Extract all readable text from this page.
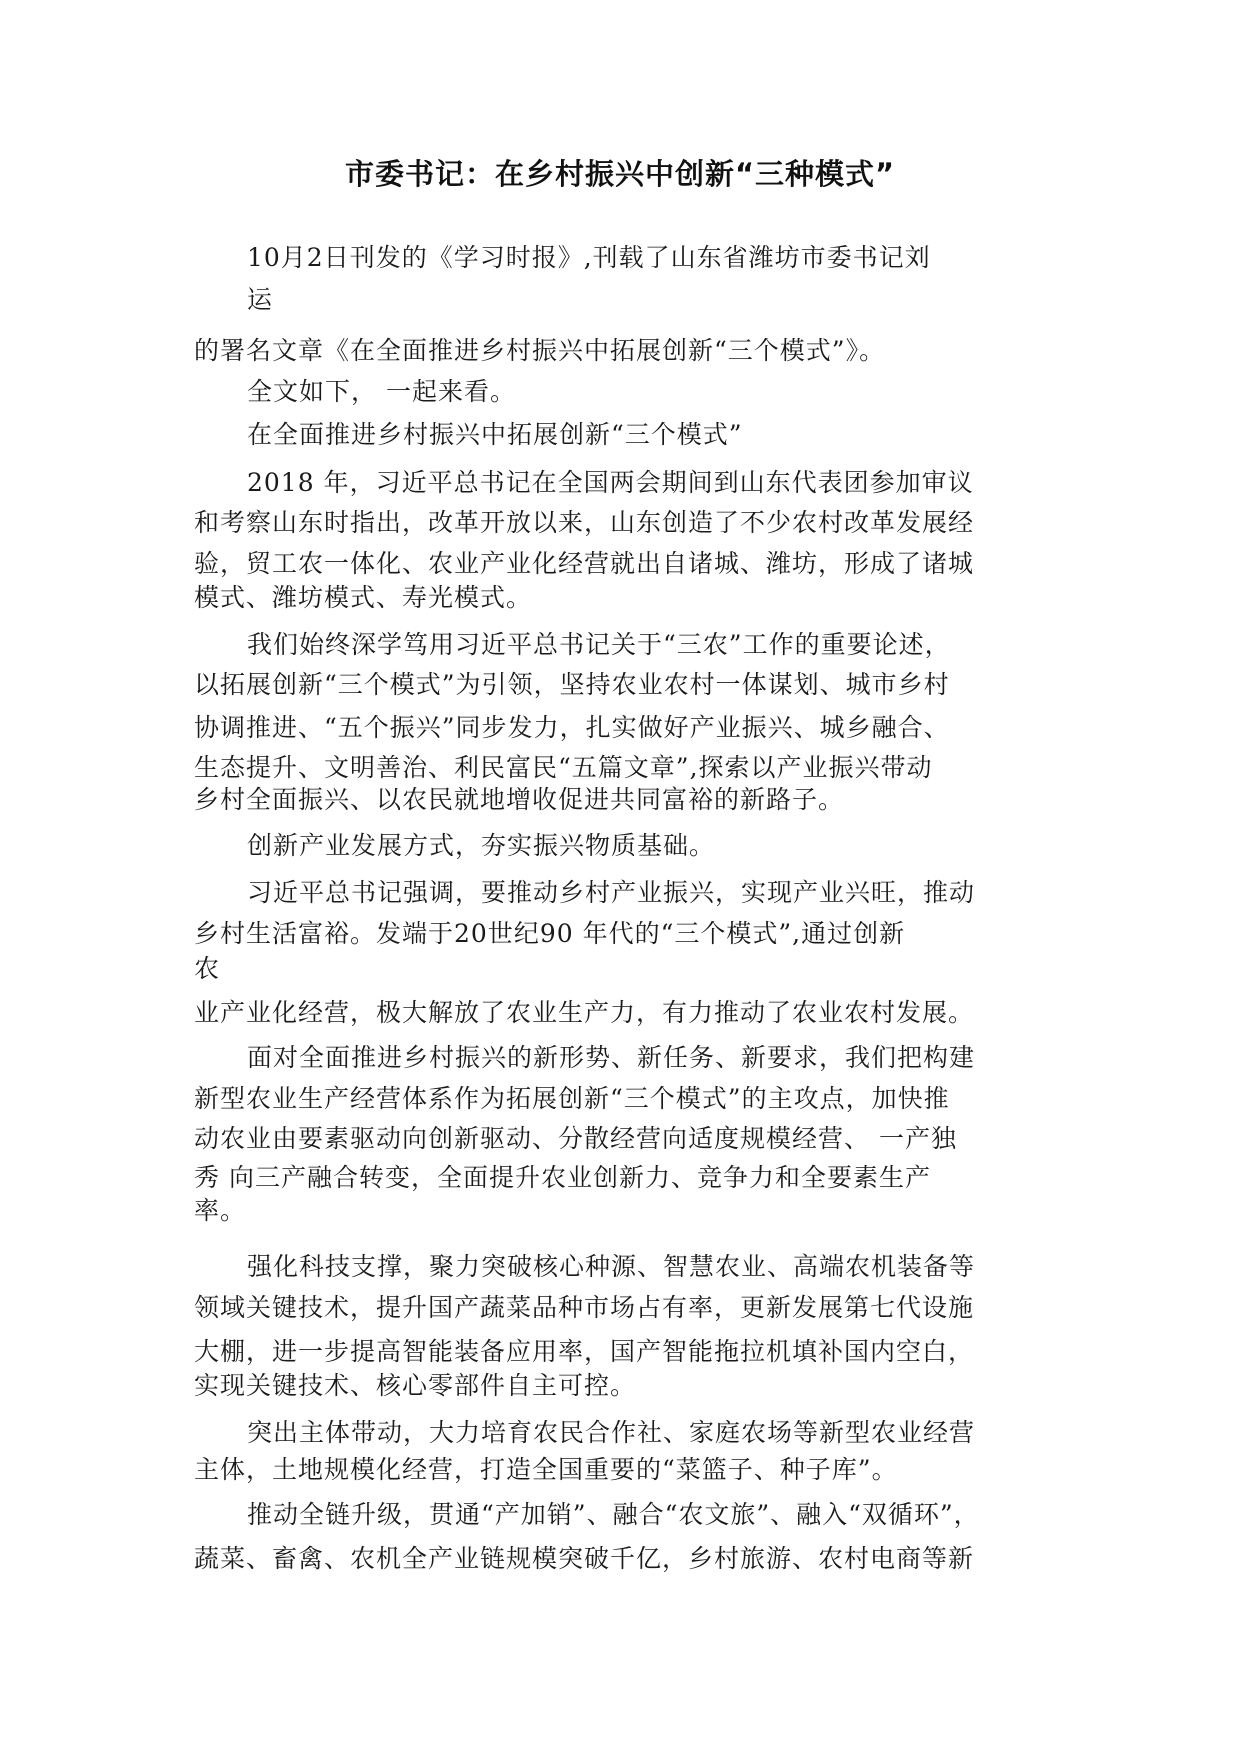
市委书记：在乡村振兴中创新“三种模式”

10月2日刊发的《学习时报》,刊载了山东省潍坊市委书记刘

运

的署名文章《在全面推进乡村振兴中拓展创新“三个模式”》。

全文如下， 一起来看。

在全面推进乡村振兴中拓展创新“三个模式”

2018 年，习近平总书记在全国两会期间到山东代表团参加审议

和考察山东时指出，改革开放以来，山东创造了不少农村改革发展经

验，贸工农一体化、农业产业化经营就出自诸城、潍坊，形成了诸城

模式、潍坊模式、寿光模式。

我们始终深学笃用习近平总书记关于“三农”工作的重要论述，

以拓展创新“三个模式”为引领，坚持农业农村一体谋划、城市乡村

协调推进、“五个振兴”同步发力，扎实做好产业振兴、城乡融合、

生态提升、文明善治、利民富民“五篇文章”,探索以产业振兴带动

乡村全面振兴、以农民就地增收促进共同富裕的新路子。

创新产业发展方式，夯实振兴物质基础。

习近平总书记强调，要推动乡村产业振兴，实现产业兴旺，推动

乡村生活富裕。发端于20世纪90 年代的“三个模式”,通过创新

农

业产业化经营，极大解放了农业生产力，有力推动了农业农村发展。

面对全面推进乡村振兴的新形势、新任务、新要求，我们把构建

新型农业生产经营体系作为拓展创新“三个模式”的主攻点，加快推

动农业由要素驱动向创新驱动、分散经营向适度规模经营、 一产独

秀 向三产融合转变，全面提升农业创新力、竞争力和全要素生产

率。

强化科技支撑，聚力突破核心种源、智慧农业、高端农机装备等

领域关键技术，提升国产蔬菜品种市场占有率，更新发展第七代设施

大棚，进一步提高智能装备应用率，国产智能拖拉机填补国内空白，

实现关键技术、核心零部件自主可控。

突出主体带动，大力培育农民合作社、家庭农场等新型农业经营

主体，土地规模化经营，打造全国重要的“菜篮子、种子库”。

推动全链升级，贯通“产加销”、融合“农文旅”、融入“双循环”，

蔬菜、畜禽、农机全产业链规模突破千亿，乡村旅游、农村电商等新
